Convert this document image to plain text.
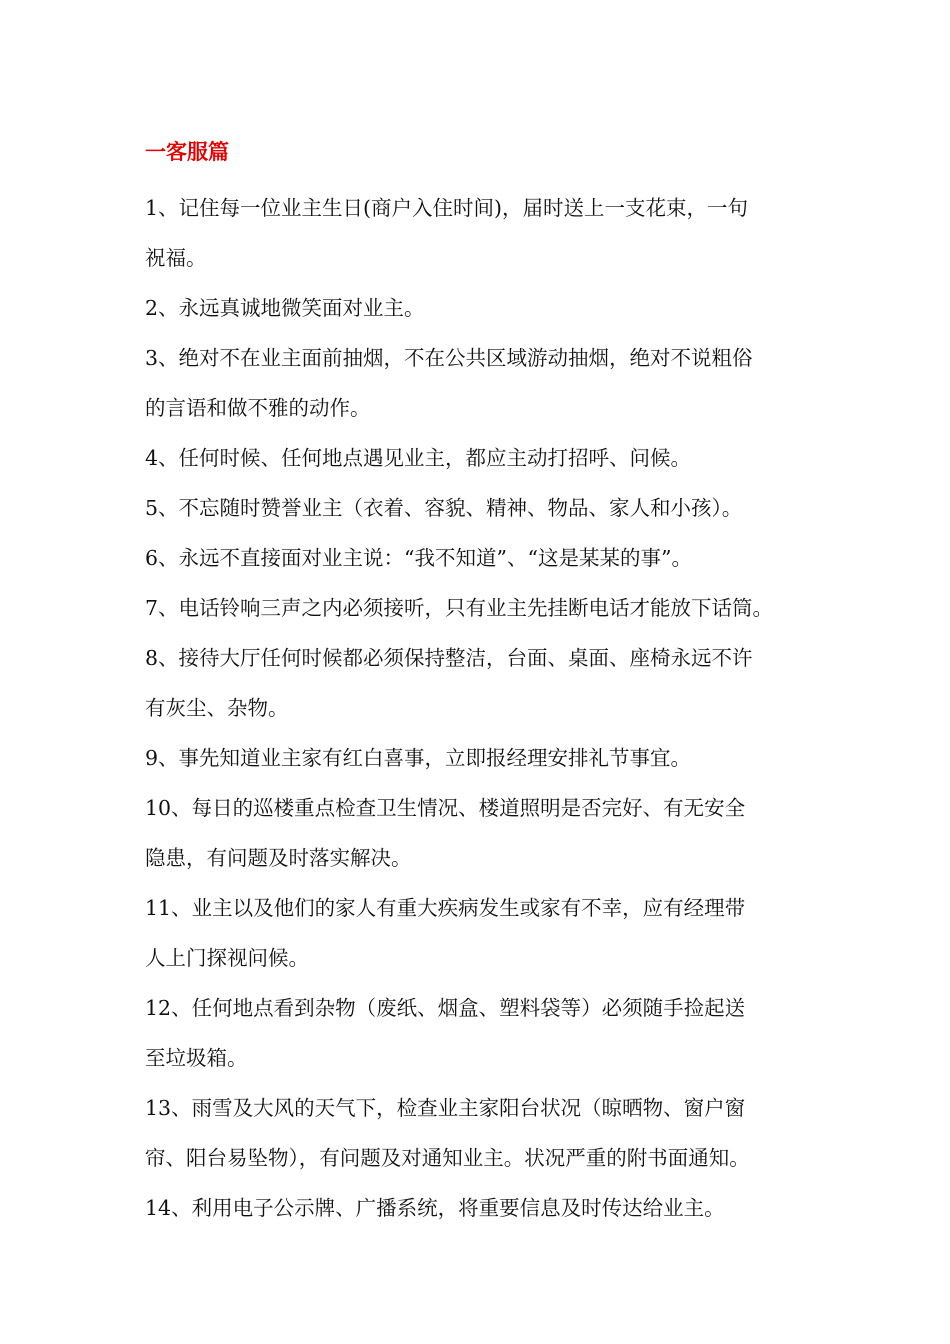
一客服篇
1、记住每一位业主生日(商户入住时间)，届时送上一支花束，一句
祝福。
2、永远真诚地微笑面对业主。
3、绝对不在业主面前抽烟，不在公共区域游动抽烟，绝对不说粗俗
的言语和做不雅的动作。
4、任何时候、任何地点遇见业主，都应主动打招呼、问候。
5、不忘随时赞誉业主（衣着、容貌、精神、物品、家人和小孩）。
6、永远不直接面对业主说：“我不知道”、“这是某某的事”。
7、电话铃响三声之内必须接听，只有业主先挂断电话才能放下话筒。
8、接待大厅任何时候都必须保持整洁，台面、桌面、座椅永远不许
有灰尘、杂物。
9、事先知道业主家有红白喜事，立即报经理安排礼节事宜。
10、每日的巡楼重点检查卫生情况、楼道照明是否完好、有无安全
隐患，有问题及时落实解决。
11、业主以及他们的家人有重大疾病发生或家有不幸，应有经理带
人上门探视问候。
12、任何地点看到杂物（废纸、烟盒、塑料袋等）必须随手捡起送
至垃圾箱。
13、雨雪及大风的天气下，检查业主家阳台状况（晾晒物、窗户窗
帘、阳台易坠物），有问题及对通知业主。状况严重的附书面通知。
14、利用电子公示牌、广播系统，将重要信息及时传达给业主。
